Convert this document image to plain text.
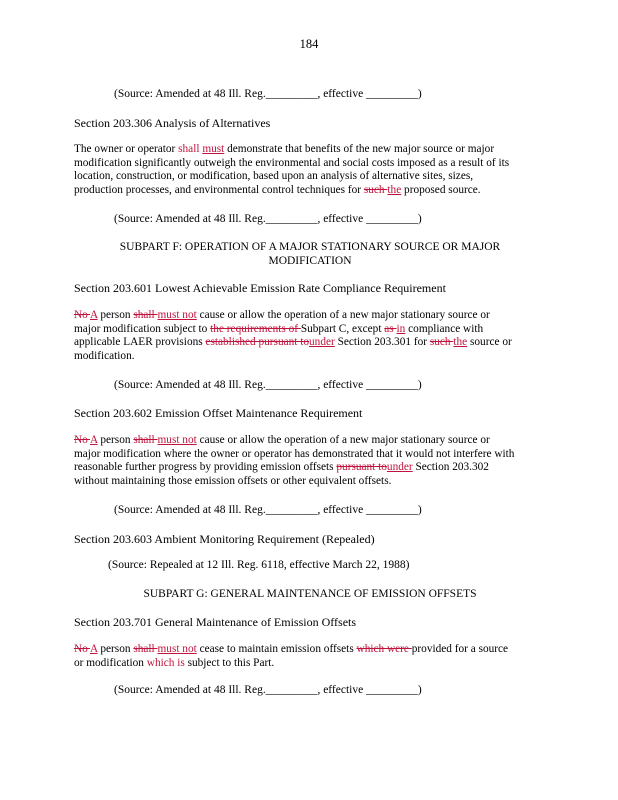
184
(Source: Amended at 48 Ill. Reg._________, effective _________)
Section 203.306 Analysis of Alternatives
The owner or operator shall must demonstrate that benefits of the new major source or major
modification significantly outweigh the environmental and social costs imposed as a result of its
location, construction, or modification, based upon an analysis of alternative sites, sizes,
production processes, and environmental control techniques for such the proposed source.
(Source: Amended at 48 Ill. Reg._________, effective _________)
SUBPART F: OPERATION OF A MAJOR STATIONARY SOURCE OR MAJOR
MODIFICATION
Section 203.601 Lowest Achievable Emission Rate Compliance Requirement
No A person shall must not cause or allow the operation of a new major stationary source or
major modification subject to the requirements of Subpart C, except as in compliance with
applicable LAER provisions established pursuant tounder Section 203.301 for such the source or
modification.
(Source: Amended at 48 Ill. Reg._________, effective _________)
Section 203.602 Emission Offset Maintenance Requirement
No A person shall must not cause or allow the operation of a new major stationary source or
major modification where the owner or operator has demonstrated that it would not interfere with
reasonable further progress by providing emission offsets pursuant tounder Section 203.302
without maintaining those emission offsets or other equivalent offsets.
(Source: Amended at 48 Ill. Reg._________, effective _________)
Section 203.603 Ambient Monitoring Requirement (Repealed)
(Source: Repealed at 12 Ill. Reg. 6118, effective March 22, 1988)
SUBPART G: GENERAL MAINTENANCE OF EMISSION OFFSETS
Section 203.701 General Maintenance of Emission Offsets
No A person shall must not cease to maintain emission offsets which were provided for a source
or modification which is subject to this Part.
(Source: Amended at 48 Ill. Reg._________, effective _________)
